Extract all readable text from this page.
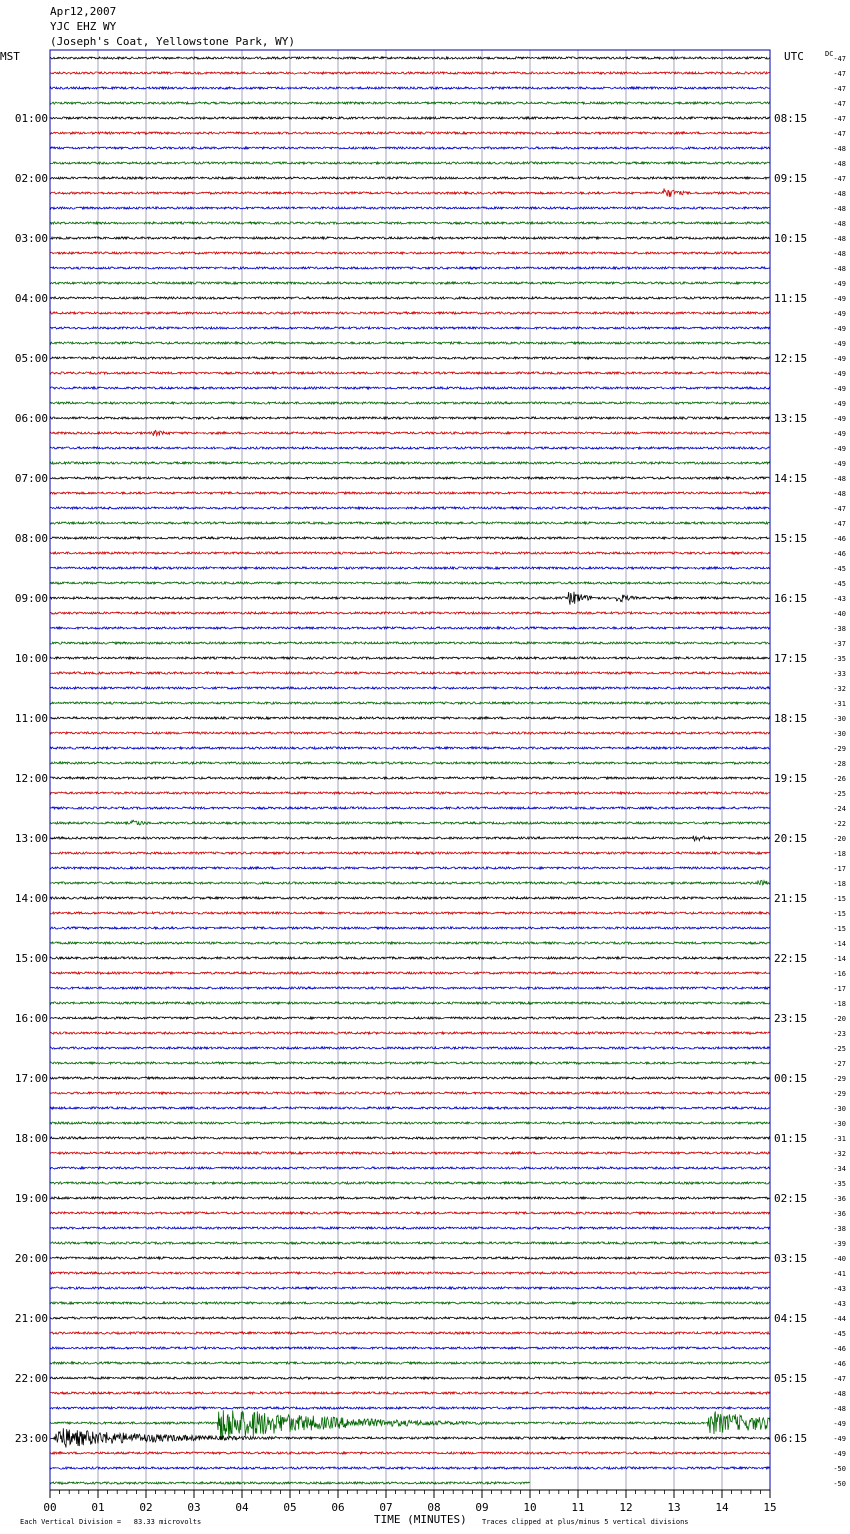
Apr12,2007
YJC EHZ WY
(Joseph's Coat, Yellowstone Park, WY)
MST	UTC	DC
01:00
02:00
03:00
04:00
05:00
06:00
07:00
08:00
09:00
10:00
11:00
12:00
13:00
14:00
15:00
16:00
17:00
18:00
19:00
20:00
21:00
22:00
23:00
08:15
09:15
10:15
11:15
12:15
13:15
14:15
15:15
16:15
17:15
18:15
19:15
20:15
21:15
22:15
23:15
00:15
01:15
02:15
03:15
04:15
05:15
06:15
-47
-47
-47
-47
-47
-47
-48
-48
-47
-48
-48
-48
-48
-48
-48
-49
-49
-49
-49
-49
-49
-49
-49
-49
-49
-49
-49
-49
-48
-48
-47
-47
-46
-46
-45
-45
-43
-40
-38
-37
-35
-33
-32
-31
-30
-30
-29
-28
-26
-25
-24
-22
-20
-18
-17
-18
-15
-15
-15
-14
-14
-16
-17
-18
-20
-23
-25
-27
-29
-29
-30
-30
-31
-32
-34
-35
-36
-36
-38
-39
-40
-41
-43
-43
-44
-45
-46
-46
-47
-48
-48
-49
-49
-49
-50
-50
00	01	02	03	04	05	06	07	08	09	10	11	12	13	14	15
TIME (MINUTES)
Each Vertical Division =   83.33 microvolts	Traces clipped at plus/minus 5 vertical divisions
